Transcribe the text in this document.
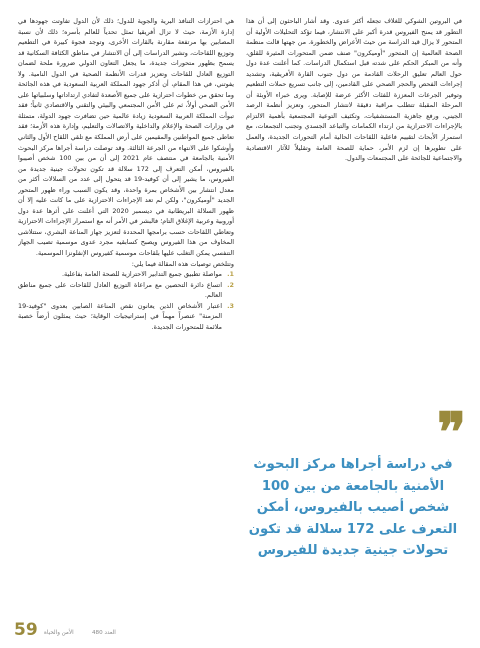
في البروتين الشوكي للغلاف تجعله أكثر عدوى. وقد أشار الباحثون إلى أن هذا التطور قد يمنح الفيروس قدرة أكبر على الانتشار، فيما تؤكد التحليلات الأولية أن المتحور لا يزال قيد الدراسة من حيث الأعراض والخطورة. من جهتها قالت منظمة الصحة العالمية إن المتحور "أوميكرون" صنف ضمن المتحورات المثيرة للقلق، وأنه من المبكر الحكم على شدته قبل استكمال الدراسات. كما أعلنت عدة دول حول العالم تعليق الرحلات القادمة من دول جنوب القارة الأفريقية، وتشديد إجراءات الفحص والحجر الصحي على القادمين، إلى جانب تسريع حملات التطعيم وتوفير الجرعات المعززة للفئات الأكثر عرضة للإصابة. ويرى خبراء الأوبئة أن المرحلة المقبلة تتطلب مراقبة دقيقة لانتشار المتحور، وتعزيز أنظمة الرصد الجيني، ورفع جاهزية المستشفيات، وتكثيف التوعية المجتمعية بأهمية الالتزام بالإجراءات الاحترازية من ارتداء الكمامات والتباعد الجسدي وتجنب التجمعات، مع استمرار الأبحاث لتقييم فاعلية اللقاحات الحالية أمام التحورات الجديدة، والعمل على تطويرها إن لزم الأمر، حماية للصحة العامة وتقليلاً للآثار الاقتصادية والاجتماعية للجائحة على المجتمعات والدول.

❞
في دراسة أجراها مركز البحوث الأمنية بالجامعة من بين 100 شخص أصيب بالفيروس، أمكن التعرف على 172 سلالة قد تكون تحولات جينية جديدة للفيروس

هي احترازات التنافذ البرية والجوية للدول؛ ذلك لأن الدول تفاوتت جهودها في إدارة الأزمة، حيث لا تزال أفريقيا تمثل تحدياً للعالم بأسره؛ ذلك لأن نسبة المصابين بها مرتفعة مقارنة بالقارات الأخرى، وتوجد فجوة كبيرة في التطعيم وتوزيع اللقاحات، وتشير الدراسات إلى أن الانتشار في مناطق الكثافة السكانية قد يسمح بظهور متحورات جديدة، ما يجعل التعاون الدولي ضرورة ملحة لضمان التوزيع العادل للقاحات وتعزيز قدرات الأنظمة الصحية في الدول النامية. ولا يفوتني، في هذا المقام، أن أذكر جهود المملكة العربية السعودية في هذه الجائحة وما تحقق من خطوات احترازية على جميع الأصعدة لتفادي ارتداداتها وسلبياتها على الأمن الصحي أولاً، ثم على الأمن المجتمعي والبيئي والتقني والاقتصادي ثانياً؛ فقد تبوأت المملكة العربية السعودية زيادة عالمية حين تضافرت جهود الدولة، متمثلة في وزارات الصحة والإعلام والداخلية والاتصالات والتعليم، وإدارة هذه الأزمة؛ فقد تعاطى جميع المواطنين والمقيمين على أرض المملكة مع تلقي اللقاح الأول والثاني وأوشكوا على الانتهاء من الجرعة الثالثة. وقد توصلت دراسة أجراها مركز البحوث الأمنية بالجامعة في منتصف عام 2021 إلى أن من بين 100 شخص أصيبوا بالفيروس، أمكن التعرف إلى 172 سلالة قد تكون تحولات جينية جديدة من الفيروس، ما يشير إلى أن كوفيد-19 قد يتحول إلى عدد من السلالات أكثر من معدل انتشار بين الأشخاص بمرة واحدة، وقد يكون السبب وراء ظهور المتحور الجديد "أوميكرون"، ولكن لم تعد الإجراءات الاحترازية على ما كانت عليه إلا أن ظهور السلالة البريطانية في ديسمبر 2020 التي أعلنت على أثرها عدة دول أوروبية وعربية الإغلاق التام؛ فالبشر في الأمر أنه مع استمرار الإجراءات الاحترازية وتعاطي اللقاحات حسب برامجها المحددة لتعزيز جهاز المناعة البشري، ستتلاشى المخاوف من هذا الفيروس ويصبح كسابقيه مجرد عدوى موسمية تصيب الجهاز التنفسي يمكن التغلب عليها بلقاحات موسمية كفيروس الإنفلونزا الموسمية.

وتتلخص توصيات هذه المقالة فيما يلي:

1.
مواصلة تطبيق جميع التدابير الاحترازية للصحة العامة بفاعلية.
2.
اتساع دائرة التحصين مع مراعاة التوزيع العادل للقاحات على جميع مناطق العالم.
3.
اعتبار الأشخاص الذين يعانون نقص المناعة الصابين بعدوى "كوفيد-19 المزمنة" عنصراً مهماً في إستراتيجيات الوقاية؛ حيث يمثلون أرضاً خصبة ملائمة للمتحورات الجديدة.
59 الأمن والحياة	العدد 480
